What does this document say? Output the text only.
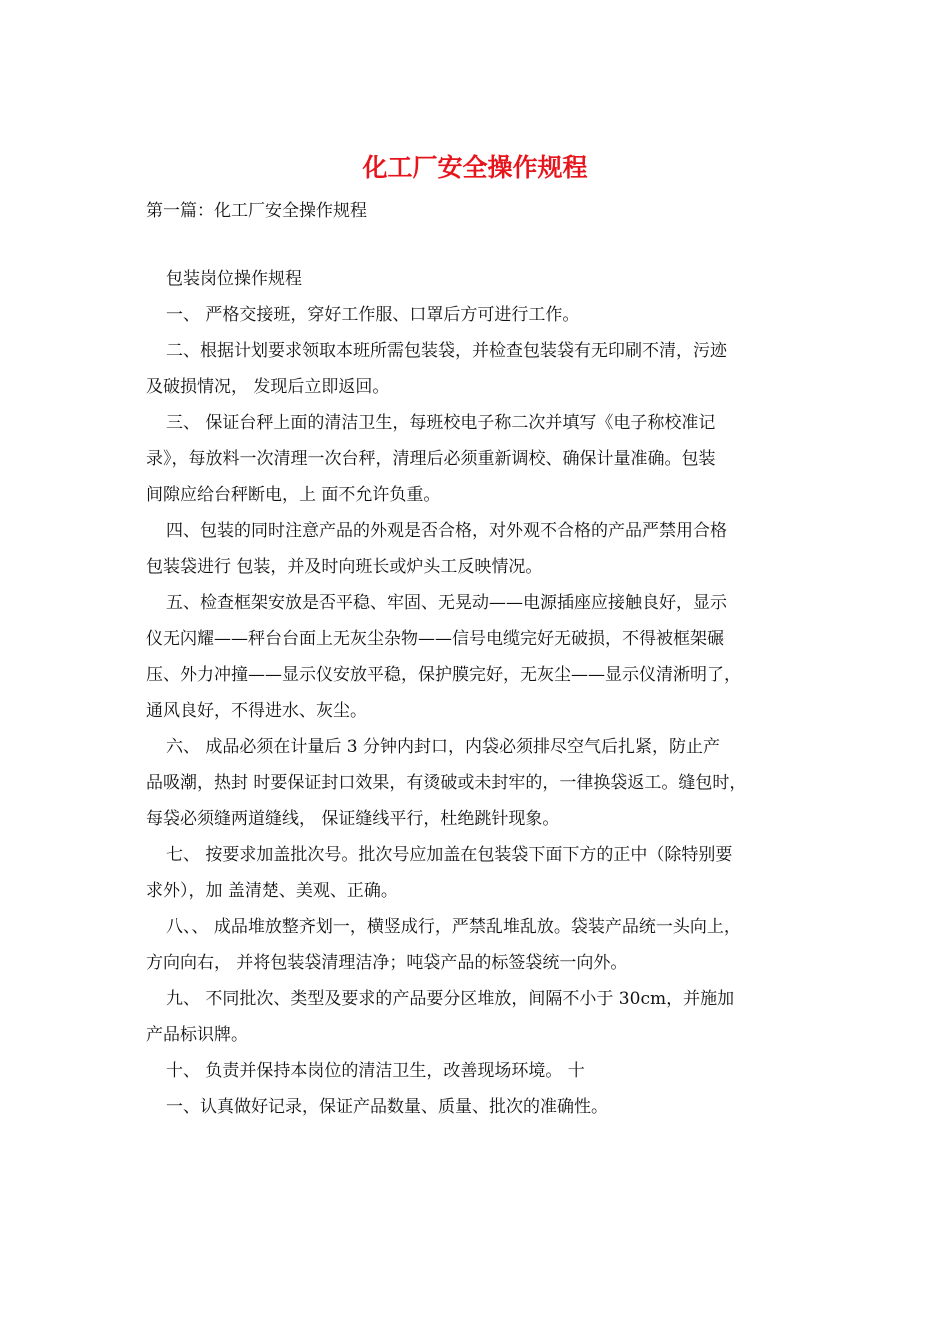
化工厂安全操作规程
第一篇：化工厂安全操作规程
包装岗位操作规程
一、 严格交接班，穿好工作服、口罩后方可进行工作。
二、根据计划要求领取本班所需包装袋，并检查包装袋有无印刷不清，污迹
及破损情况， 发现后立即返回。
三、 保证台秤上面的清洁卫生，每班校电子称二次并填写《电子称校准记
录》，每放料一次清理一次台秤，清理后必须重新调校、确保计量准确。包装
间隙应给台秤断电，上 面不允许负重。
四、包装的同时注意产品的外观是否合格，对外观不合格的产品严禁用合格
包装袋进行 包装，并及时向班长或炉头工反映情况。
五、检查框架安放是否平稳、牢固、无晃动——电源插座应接触良好，显示
仪无闪耀——秤台台面上无灰尘杂物——信号电缆完好无破损，不得被框架碾
压、外力冲撞——显示仪安放平稳，保护膜完好，无灰尘——显示仪清淅明了，
通风良好，不得进水、灰尘。
六、 成品必须在计量后 3 分钟内封口，内袋必须排尽空气后扎紧，防止产
品吸潮，热封 时要保证封口效果，有烫破或未封牢的，一律换袋返工。缝包时，
每袋必须缝两道缝线， 保证缝线平行，杜绝跳针现象。
七、 按要求加盖批次号。批次号应加盖在包装袋下面下方的正中（除特别要
求外），加 盖清楚、美观、正确。
八、、 成品堆放整齐划一，横竖成行，严禁乱堆乱放。袋装产品统一头向上，
方向向右， 并将包装袋清理洁净；吨袋产品的标签袋统一向外。
九、 不同批次、类型及要求的产品要分区堆放，间隔不小于 30cm，并施加
产品标识牌。
十、 负责并保持本岗位的清洁卫生，改善现场环境。 十
一、认真做好记录，保证产品数量、质量、批次的准确性。
